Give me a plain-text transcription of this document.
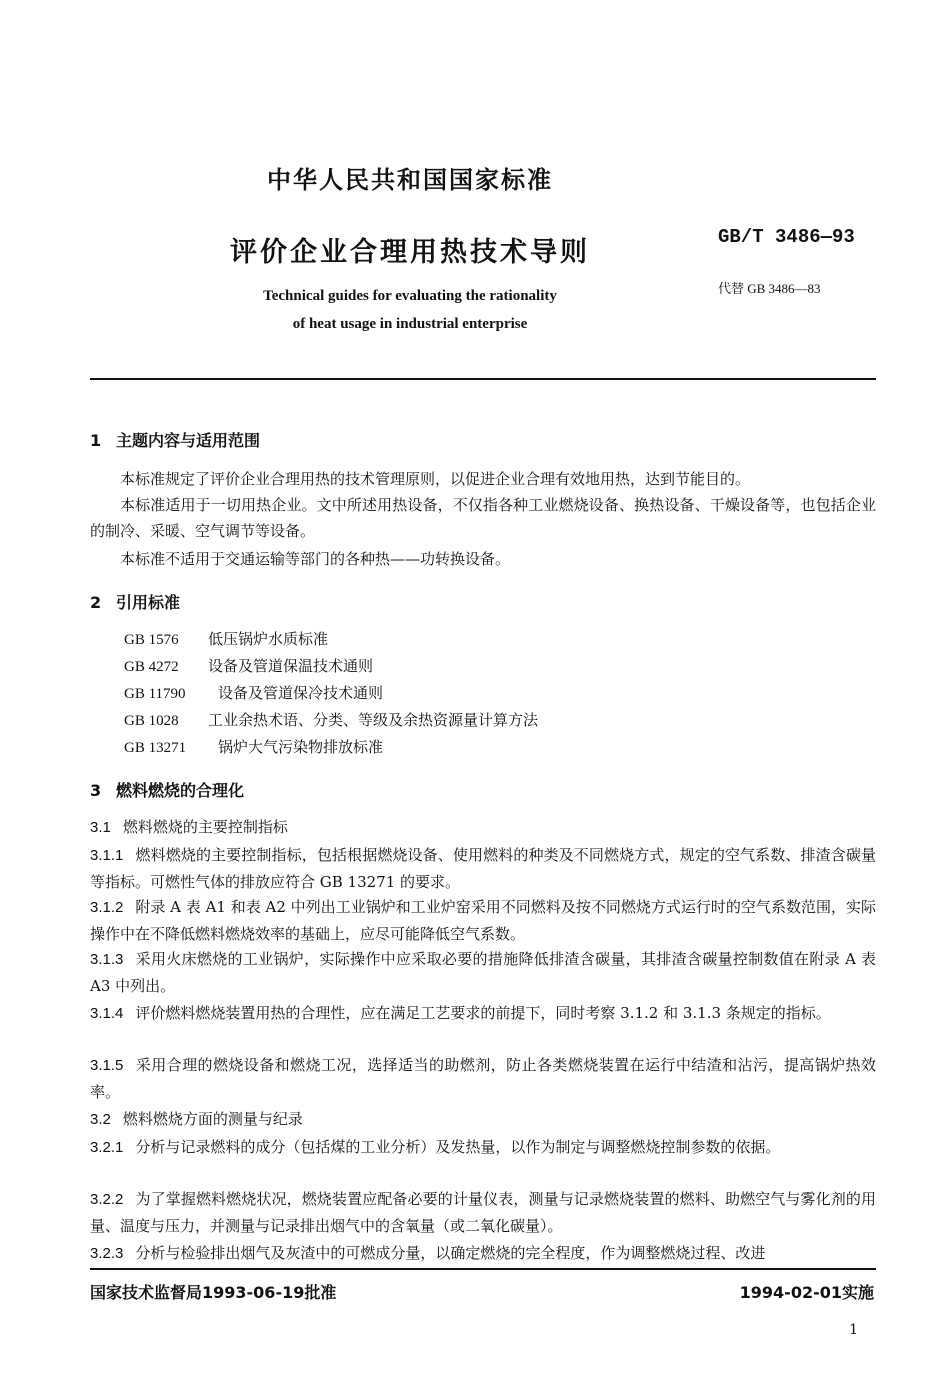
中华人民共和国国家标准
评价企业合理用热技术导则
Technical guides for evaluating the rationality
of heat usage in industrial enterprise
GB/T 3486—93
代替 GB 3486—83
1 主题内容与适用范围
本标准规定了评价企业合理用热的技术管理原则，以促进企业合理有效地用热，达到节能目的。
本标准适用于一切用热企业。文中所述用热设备，不仅指各种工业燃烧设备、换热设备、干燥设备等，也包括企业的制冷、采暖、空气调节等设备。
本标准不适用于交通运输等部门的各种热——功转换设备。
2 引用标准
GB 1576 低压锅炉水质标准
GB 4272 设备及管道保温技术通则
GB 11790 设备及管道保冷技术通则
GB 1028 工业余热术语、分类、等级及余热资源量计算方法
GB 13271 锅炉大气污染物排放标准
3 燃料燃烧的合理化
3.1 燃料燃烧的主要控制指标
3.1.1 燃料燃烧的主要控制指标，包括根据燃烧设备、使用燃料的种类及不同燃烧方式，规定的空气系数、排渣含碳量等指标。可燃性气体的排放应符合 GB 13271 的要求。
3.1.2 附录 A 表 A1 和表 A2 中列出工业锅炉和工业炉窑采用不同燃料及按不同燃烧方式运行时的空气系数范围，实际操作中在不降低燃料燃烧效率的基础上，应尽可能降低空气系数。
3.1.3 采用火床燃烧的工业锅炉，实际操作中应采取必要的措施降低排渣含碳量，其排渣含碳量控制数值在附录 A 表 A3 中列出。
3.1.4 评价燃料燃烧装置用热的合理性，应在满足工艺要求的前提下，同时考察 3.1.2 和 3.1.3 条规定的指标。
3.1.5 采用合理的燃烧设备和燃烧工况，选择适当的助燃剂，防止各类燃烧装置在运行中结渣和沾污，提高锅炉热效率。
3.2 燃料燃烧方面的测量与纪录
3.2.1 分析与记录燃料的成分（包括煤的工业分析）及发热量，以作为制定与调整燃烧控制参数的依据。
3.2.2 为了掌握燃料燃烧状况，燃烧装置应配备必要的计量仪表，测量与记录燃烧装置的燃料、助燃空气与雾化剂的用量、温度与压力，并测量与记录排出烟气中的含氧量（或二氧化碳量）。
3.2.3 分析与检验排出烟气及灰渣中的可燃成分量，以确定燃烧的完全程度，作为调整燃烧过程、改进
国家技术监督局1993-06-19批准	1994-02-01实施
1
